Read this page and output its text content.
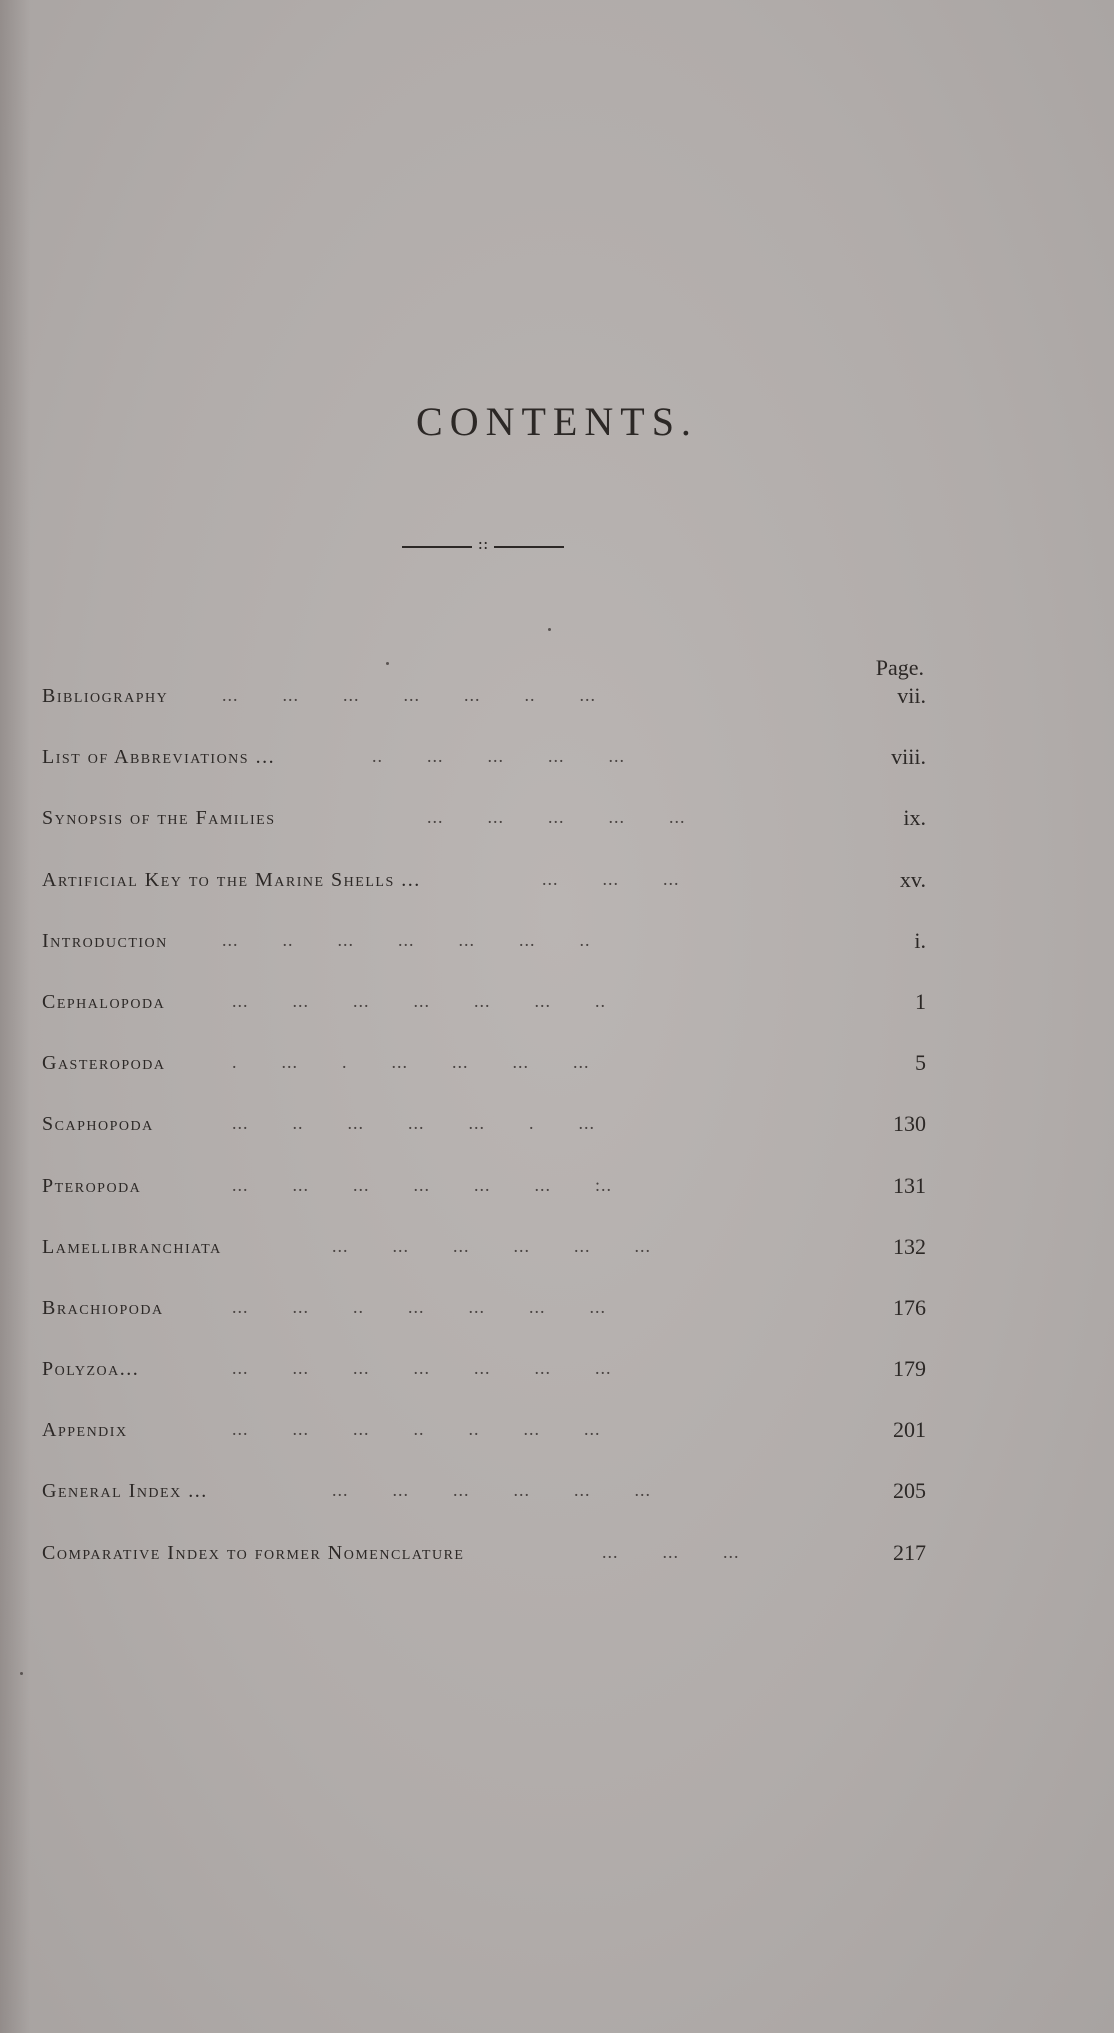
CONTENTS.
::
Page.
Bibliography	...        ...        ...        ...        ...        ..        ...	vii.
List of Abbreviations ...	..        ...        ...        ...        ...	viii.
Synopsis of the Families	...        ...        ...        ...        ...	ix.
Artificial Key to the Marine Shells ...	...        ...        ...	xv.
Introduction	...        ..        ...        ...        ...        ...        ..	i.
Cephalopoda	...        ...        ...        ...        ...        ...        ..	1
Gasteropoda	.        ...        .        ...        ...        ...        ...	5
Scaphopoda	...        ..        ...        ...        ...        .        ...	130
Pteropoda	...        ...        ...        ...        ...        ...        :..	131
Lamellibranchiata	...        ...        ...        ...        ...        ...	132
Brachiopoda	...        ...        ..        ...        ...        ...        ...	176
Polyzoa...	...        ...        ...        ...        ...        ...        ...	179
Appendix	...        ...        ...        ..        ..        ...        ...	201
General Index ...	...        ...        ...        ...        ...        ...	205
Comparative Index to former Nomenclature	...        ...        ...	217
